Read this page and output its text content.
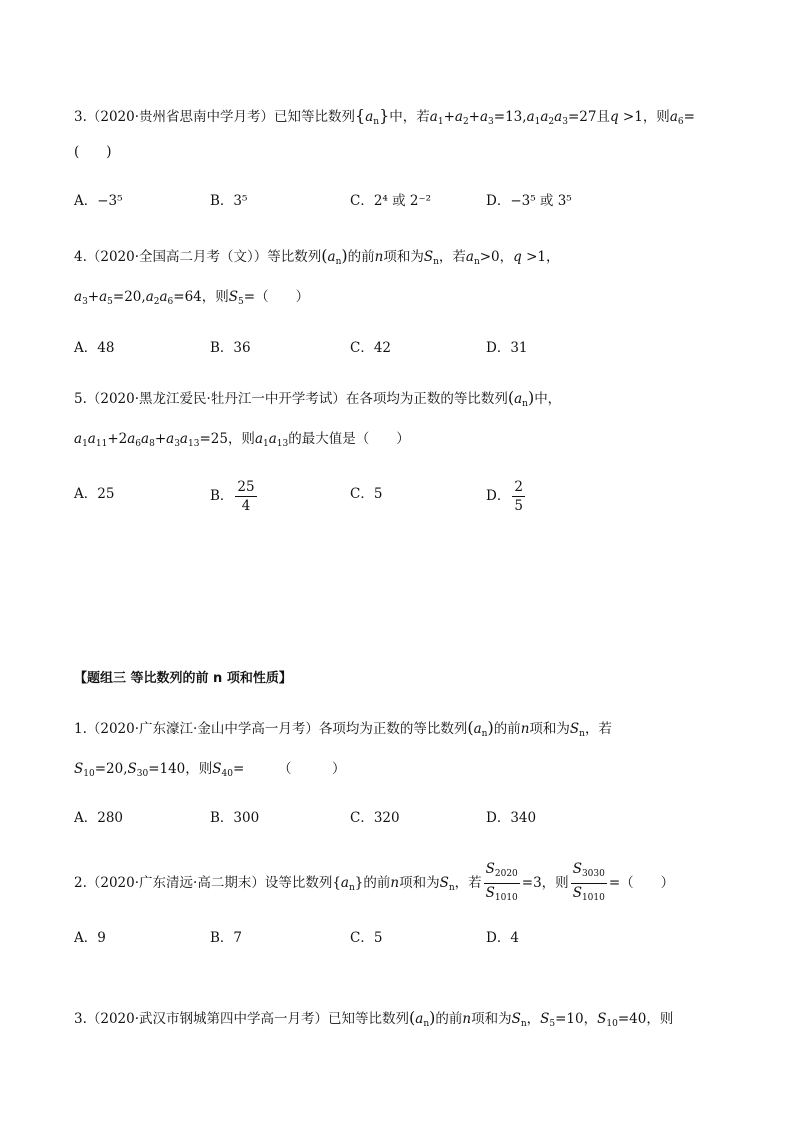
3.（2020·贵州省思南中学月考）已知等比数列$\{a_n\}$中，若$a_1+a_2+a_3=13,a_1a_2a_3=27$且q >1，则$a_6=$
(　　)
A．−3⁵	B．3⁵	C．2⁴ 或 2⁻²	D．−3⁵ 或 3⁵
4.（2020·全国高二月考（文））等比数列$(a_n)$的前n项和为$S_n$，若$a_n>0$，q >1，
$a_3+a_5=20,a_2a_6=64$，则$S_5=$（　　）
A．48	B．36	C．42	D．31
5.（2020·黑龙江爱民·牡丹江一中开学考试）在各项均为正数的等比数列$(a_n)$中，
$a_1a_{11}+2a_6a_8+a_3a_{13}=25$，则$a_1a_{13}$的最大值是（　　）
A．25	B． $\frac{25}{4}$	C．5	D． $\frac{2}{5}$
【题组三 等比数列的前 n 项和性质】
1.（2020·广东濠江·金山中学高一月考）各项均为正数的等比数列$(a_n)$的前n项和为$S_n$，若
$S_{10}=20,S_{30}=140$，则$S_{40}=$　　　（　　　）
A．280	B．300	C．320	D．340
2.（2020·广东清远·高二期末）设等比数列$\{a_n\}$的前n项和为$S_n$，若 $\frac{S_{2020}}{S_{1010}} =3$，则 $\frac{S_{3030}}{S_{1010}}$ =（　　）
A．9	B．7	C．5	D．4
3.（2020·武汉市钢城第四中学高一月考）已知等比数列$(a_n)$的前n项和为$S_n$，$S_5=10$，$S_{10}=40$，则
